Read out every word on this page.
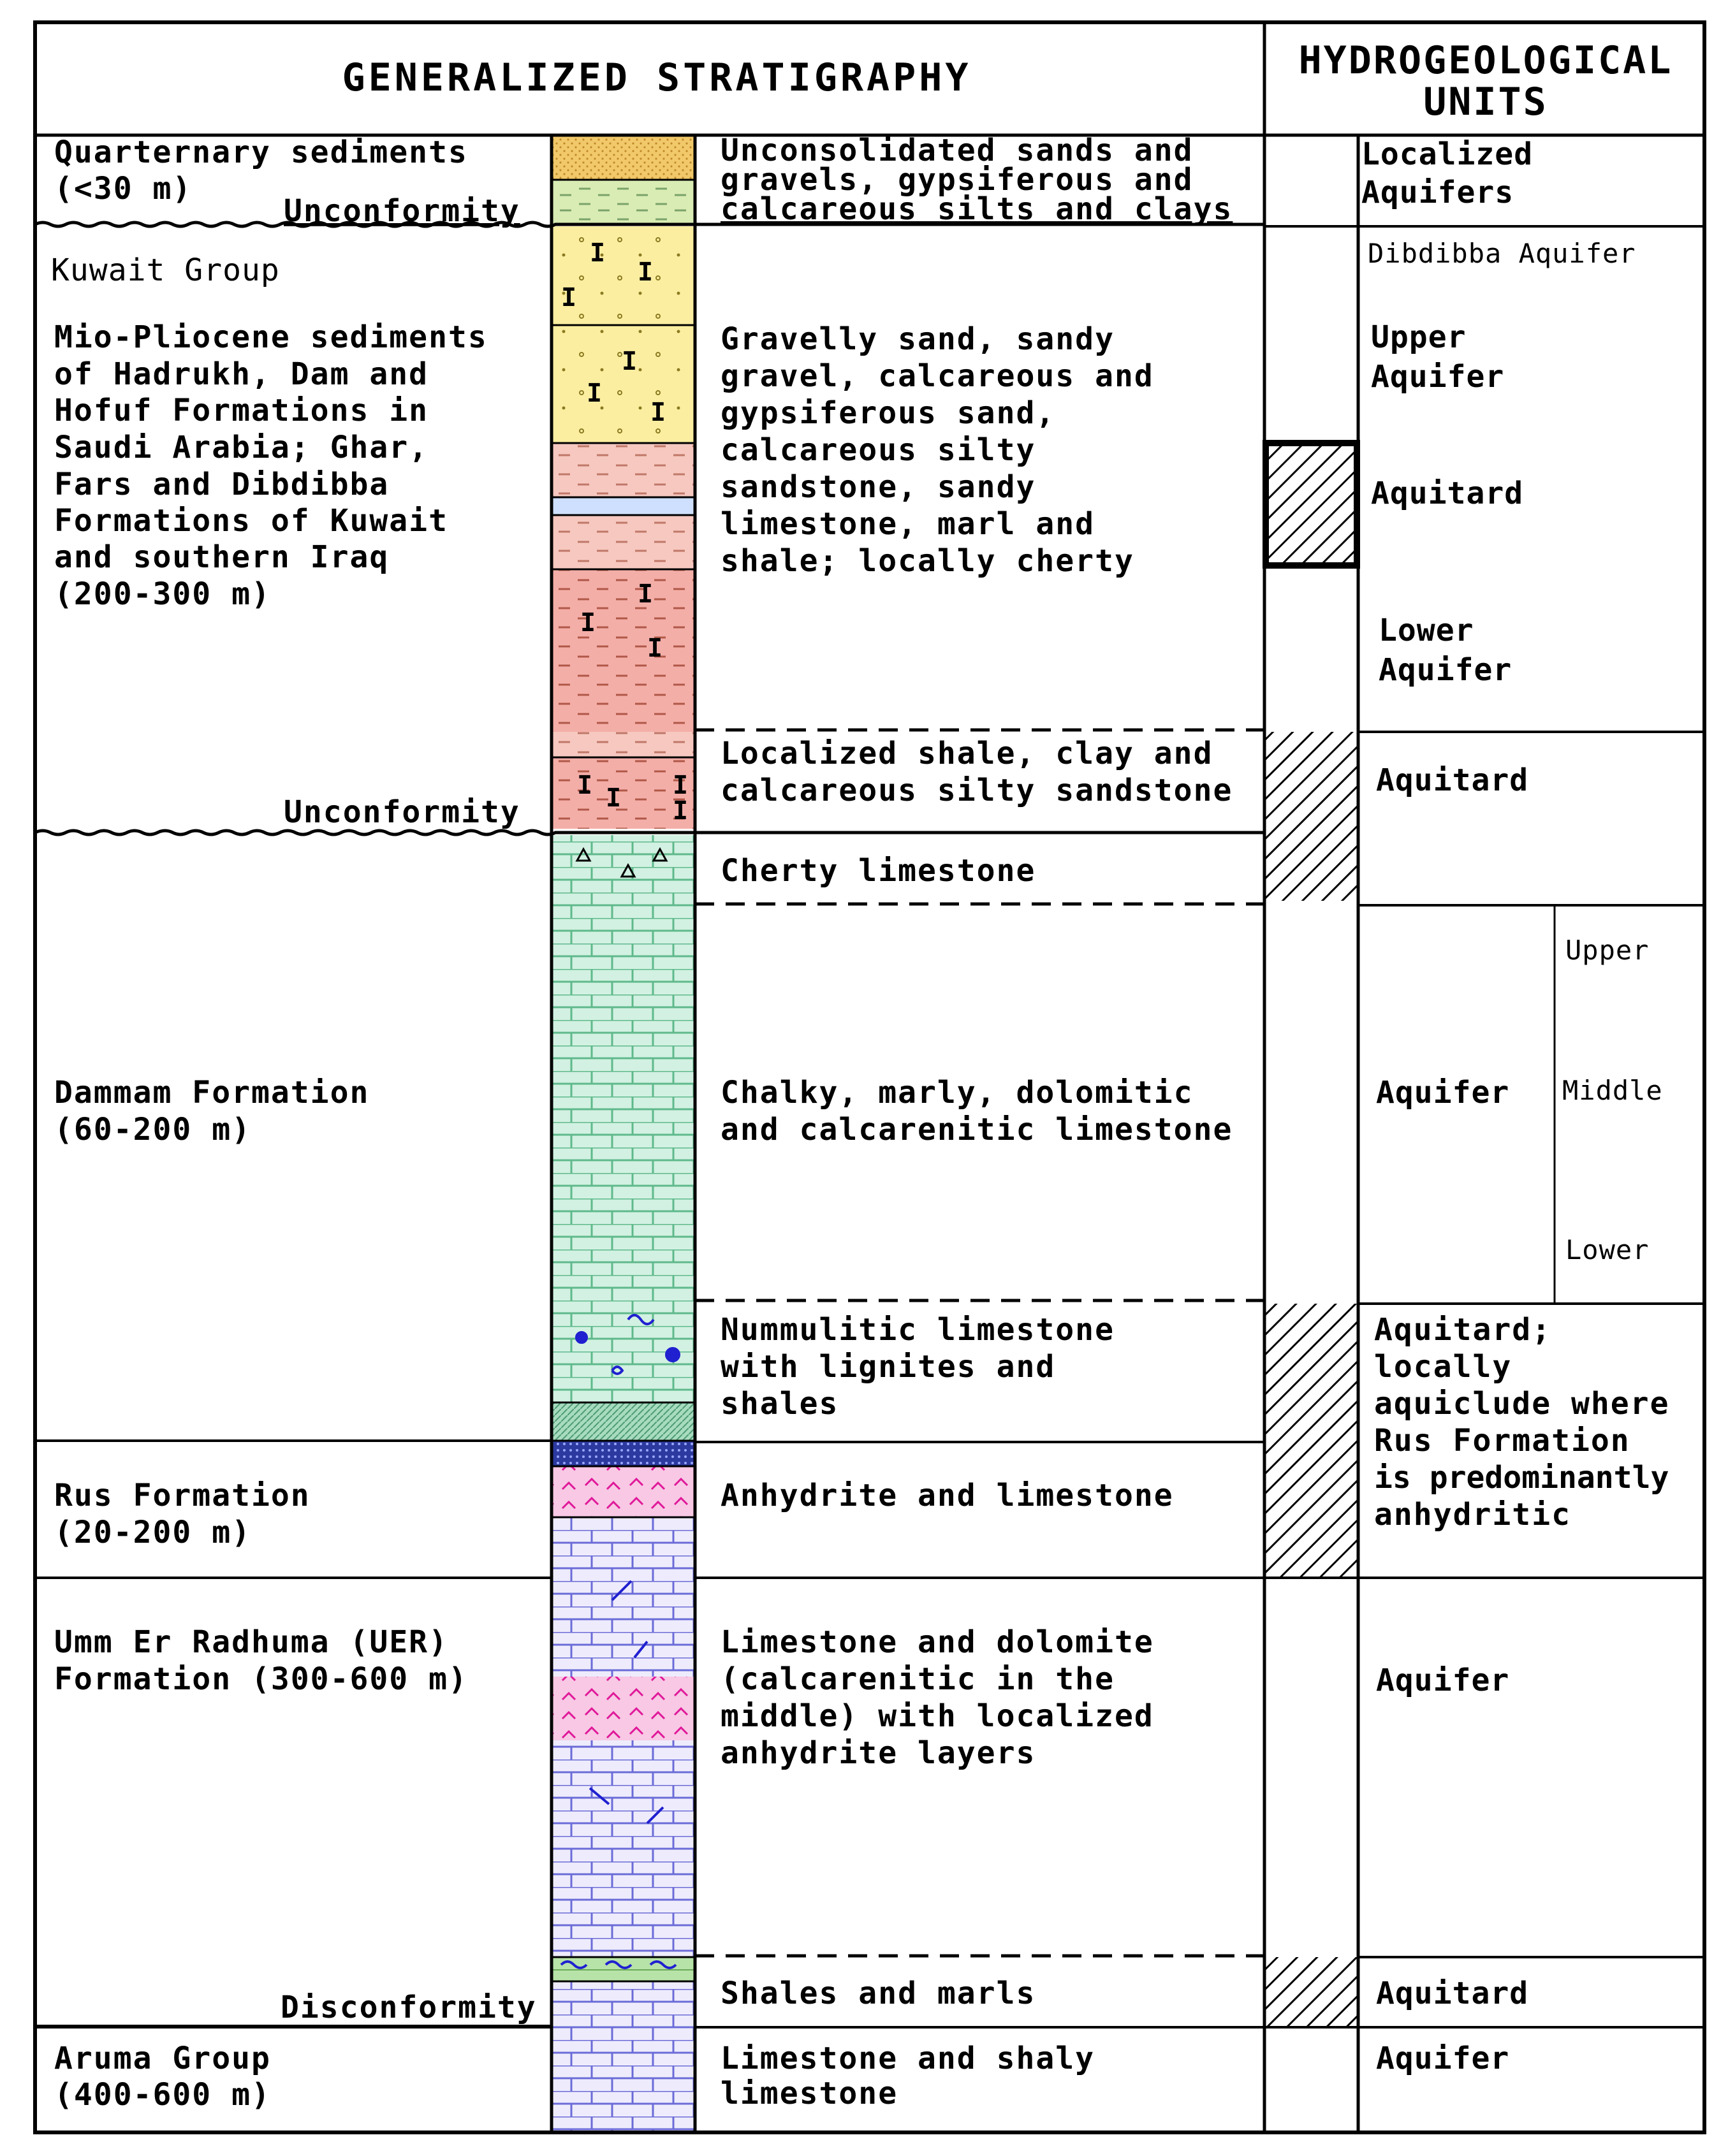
I
I
I
I
I
I
I
I
I
I I I
I
GENERALIZED STRATIGRAPHY	HYDROGEOLOGICAL
UNITS
Quarternary sediments
(<30 m)
Unconformity
Kuwait Group
Mio-Pliocene sediments
of Hadrukh, Dam and
Hofuf Formations in
Saudi Arabia; Ghar,
Fars and Dibdibba
Formations of Kuwait
and southern Iraq
(200-300 m)
Unconformity
Dammam Formation
(60-200 m)
Rus Formation
(20-200 m)
Umm Er Radhuma (UER)
Formation (300-600 m)
Disconformity
Aruma Group
(400-600 m)
Unconsolidated sands and
gravels, gypsiferous and
calcareous silts and clays
Gravelly sand, sandy
gravel, calcareous and
gypsiferous sand,
calcareous silty
sandstone, sandy
limestone, marl and
shale; locally cherty
Localized shale, clay and
calcareous silty sandstone
Cherty limestone
Chalky, marly, dolomitic
and calcarenitic limestone
Nummulitic limestone
with lignites and
shales
Anhydrite and limestone
Limestone and dolomite
(calcarenitic in the
middle) with localized
anhydrite layers
Shales and marls
Limestone and shaly
limestone
Localized
Aquifers
Dibdibba Aquifer
Upper
Aquifer
Aquitard
Lower
Aquifer
Aquitard
Aquifer
Upper
Middle
Lower
Aquitard;
locally
aquiclude where
Rus Formation
is predominantly
anhydritic
Aquifer
Aquitard
Aquifer
